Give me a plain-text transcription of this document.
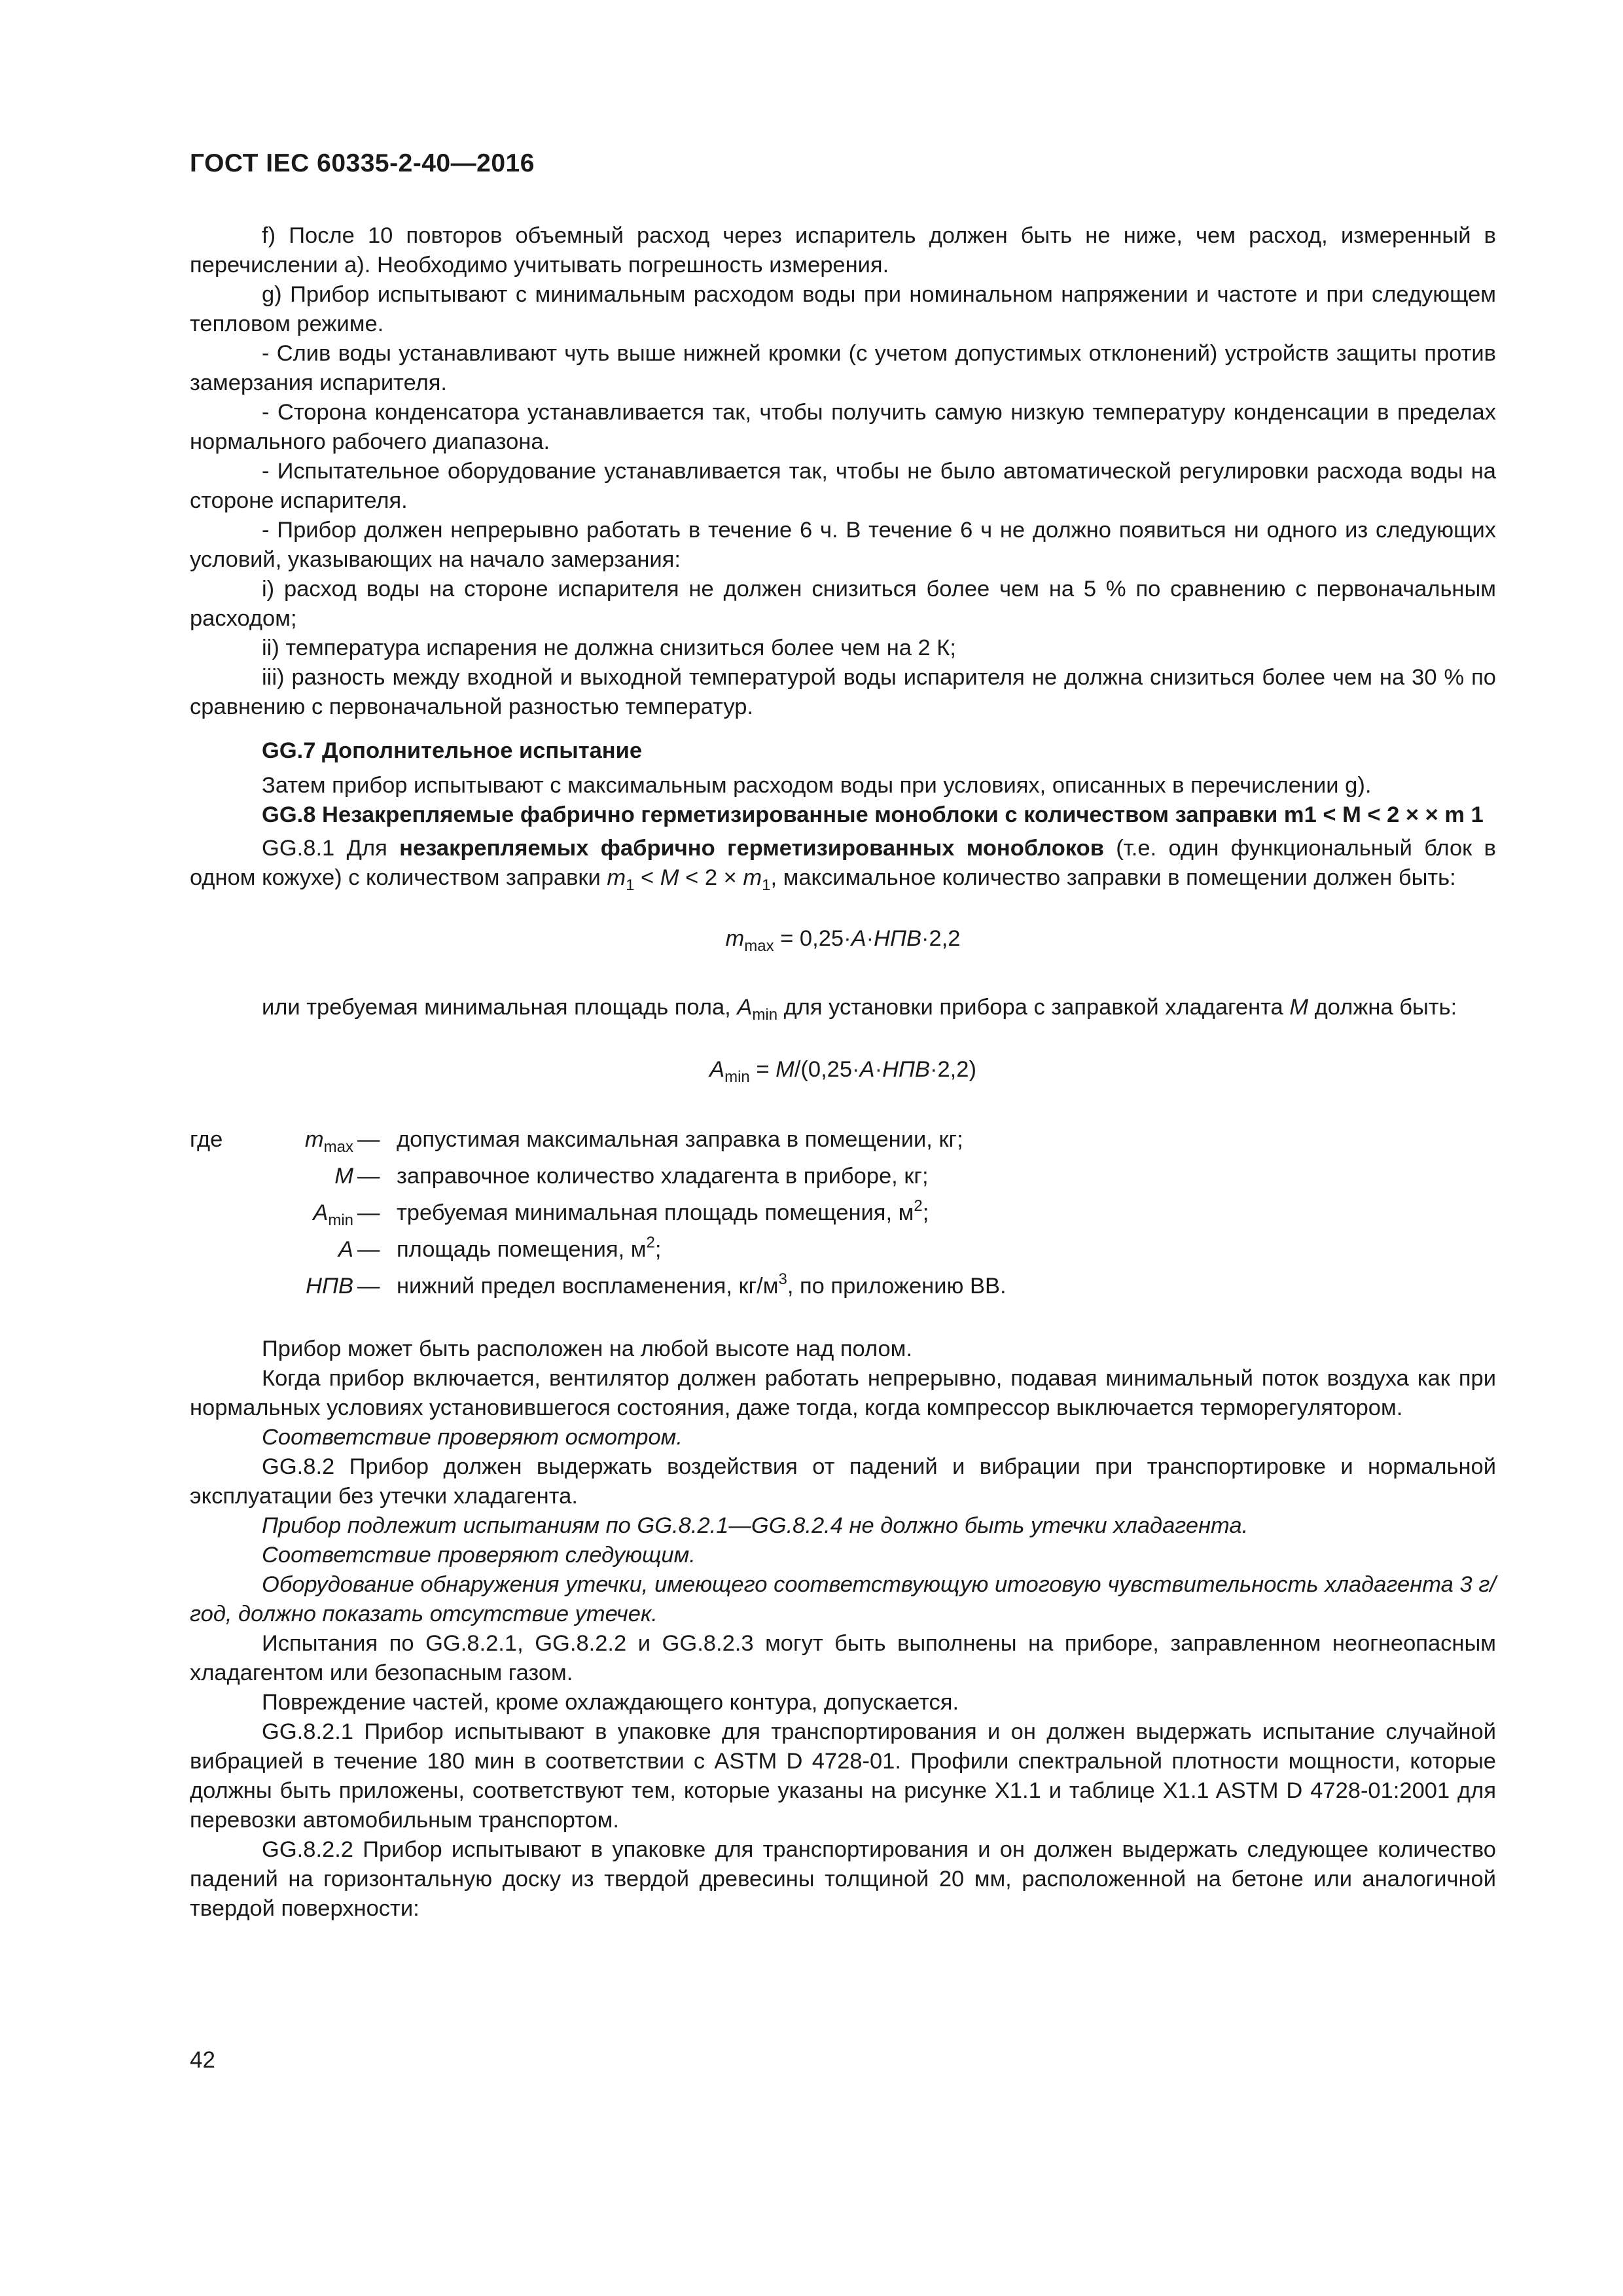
ГОСТ IEC 60335-2-40—2016

f) После 10 повторов объемный расход через испаритель должен быть не ниже, чем расход, измеренный в перечислении а). Необходимо учитывать погрешность измерения.

g) Прибор испытывают с минимальным расходом воды при номинальном напряжении и частоте и при следующем тепловом режиме.

- Слив воды устанавливают чуть выше нижней кромки (с учетом допустимых отклонений) устройств защиты против замерзания испарителя.

- Сторона конденсатора устанавливается так, чтобы получить самую низкую температуру конденсации в пределах нормального рабочего диапазона.

- Испытательное оборудование устанавливается так, чтобы не было автоматической регулировки расхода воды на стороне испарителя.

- Прибор должен непрерывно работать в течение 6 ч. В течение 6 ч не должно появиться ни одного из следующих условий, указывающих на начало замерзания:

i) расход воды на стороне испарителя не должен снизиться более чем на 5 % по сравнению с первоначальным расходом;

ii) температура испарения не должна снизиться более чем на 2 К;

iii) разность между входной и выходной температурой воды испарителя не должна снизиться более чем на 30 % по сравнению с первоначальной разностью температур.

GG.7 Дополнительное испытание

Затем прибор испытывают с максимальным расходом воды при условиях, описанных в перечислении g).

GG.8 Незакрепляемые фабрично герметизированные моноблоки с количеством заправки m1 < M < 2 × × m 1

GG.8.1 Для незакрепляемых фабрично герметизированных моноблоков (т.е. один функциональный блок в одном кожухе) с количеством заправки $m_1 < M < 2 \times m_1$, максимальное количество заправки в помещении должен быть:

$m_{max} = 0,25\cdot A\cdot НПВ\cdot 2,2$

или требуемая минимальная площадь пола, $A_{min}$ для установки прибора с заправкой хладагента M должна быть:

$A_{min} = M/(0,25\cdot A\cdot НПВ\cdot 2,2)$
где	$m_{max}$ — допустимая максимальная заправка в помещении, кг;
M — заправочное количество хладагента в приборе, кг;
$A_{min}$ — требуемая минимальная площадь помещения, $м^2$;
A — площадь помещения, $м^2$;
НПВ — нижний предел воспламенения, $кг/м^3$, по приложению ВВ.

Прибор может быть расположен на любой высоте над полом.

Когда прибор включается, вентилятор должен работать непрерывно, подавая минимальный поток воздуха как при нормальных условиях установившегося состояния, даже тогда, когда компрессор выключается терморегулятором.

Соответствие проверяют осмотром.

GG.8.2 Прибор должен выдержать воздействия от падений и вибрации при транспортировке и нормальной эксплуатации без утечки хладагента.

Прибор подлежит испытаниям по GG.8.2.1—GG.8.2.4 не должно быть утечки хладагента.

Соответствие проверяют следующим.

Оборудование обнаружения утечки, имеющего соответствующую итоговую чувствительность хладагента 3 г/год, должно показать отсутствие утечек.

Испытания по GG.8.2.1, GG.8.2.2 и GG.8.2.3 могут быть выполнены на приборе, заправленном неогнеопасным хладагентом или безопасным газом.

Повреждение частей, кроме охлаждающего контура, допускается.

GG.8.2.1 Прибор испытывают в упаковке для транспортирования и он должен выдержать испытание случайной вибрацией в течение 180 мин в соответствии с ASTM D 4728-01. Профили спектральной плотности мощности, которые должны быть приложены, соответствуют тем, которые указаны на рисунке X1.1 и таблице X1.1 ASTM D 4728-01:2001 для перевозки автомобильным транспортом.

GG.8.2.2 Прибор испытывают в упаковке для транспортирования и он должен выдержать следующее количество падений на горизонтальную доску из твердой древесины толщиной 20 мм, расположенной на бетоне или аналогичной твердой поверхности:

42
